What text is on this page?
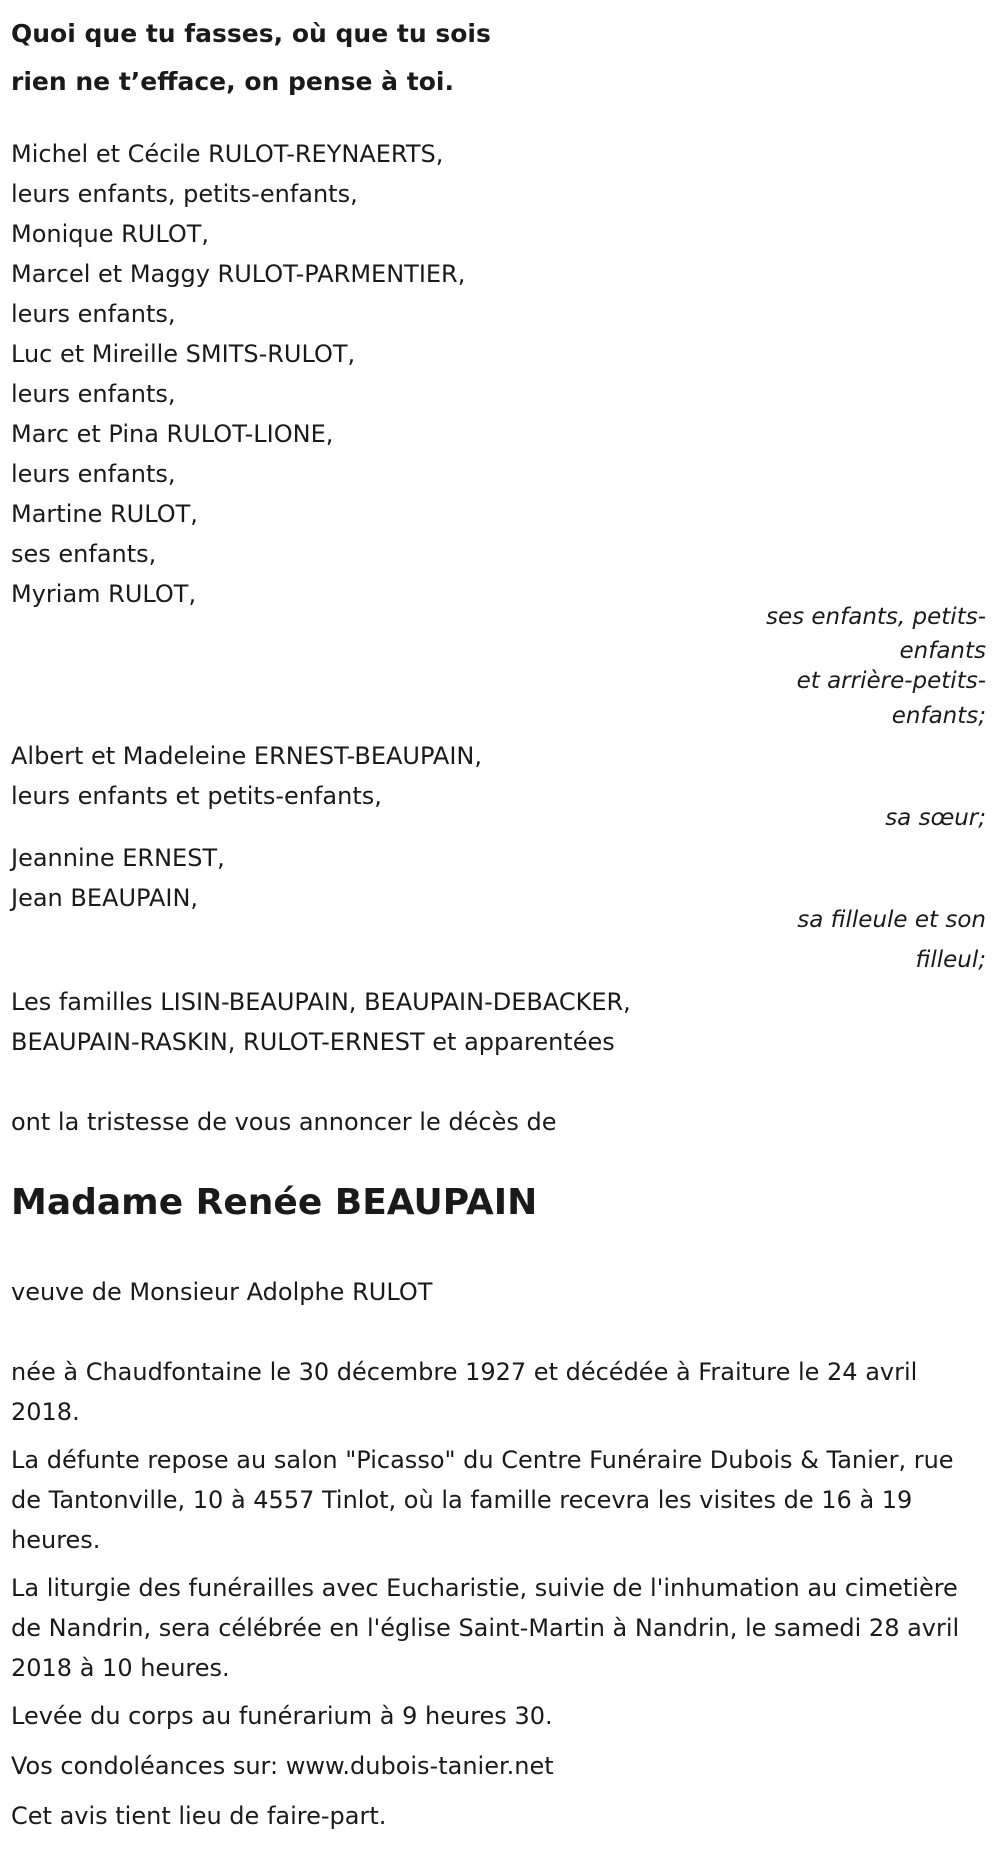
Quoi que tu fasses, où que tu sois
rien ne t’efface, on pense à toi.
Michel et Cécile RULOT-REYNAERTS,
leurs enfants, petits-enfants,
Monique RULOT,
Marcel et Maggy RULOT-PARMENTIER,
leurs enfants,
Luc et Mireille SMITS-RULOT,
leurs enfants,
Marc et Pina RULOT-LIONE,
leurs enfants,
Martine RULOT,
ses enfants,
Myriam RULOT,
ses enfants, petits-
enfants
et arrière-petits-
enfants;
Albert et Madeleine ERNEST-BEAUPAIN,
leurs enfants et petits-enfants,
sa sœur;
Jeannine ERNEST,
Jean BEAUPAIN,
sa filleule et son
filleul;
Les familles LISIN-BEAUPAIN, BEAUPAIN-DEBACKER,
BEAUPAIN-RASKIN, RULOT-ERNEST et apparentées

ont la tristesse de vous annoncer le décès de

Madame Renée BEAUPAIN

veuve de Monsieur Adolphe RULOT

née à Chaudfontaine le 30 décembre 1927 et décédée à Fraiture le 24 avril 2018.

La défunte repose au salon "Picasso" du Centre Funéraire Dubois & Tanier, rue de Tantonville, 10 à 4557 Tinlot, où la famille recevra les visites de 16 à 19 heures.

La liturgie des funérailles avec Eucharistie, suivie de l'inhumation au cimetière de Nandrin, sera célébrée en l'église Saint-Martin à Nandrin, le samedi 28 avril 2018 à 10 heures.

Levée du corps au funérarium à 9 heures 30.

Vos condoléances sur: www.dubois-tanier.net

Cet avis tient lieu de faire-part.
